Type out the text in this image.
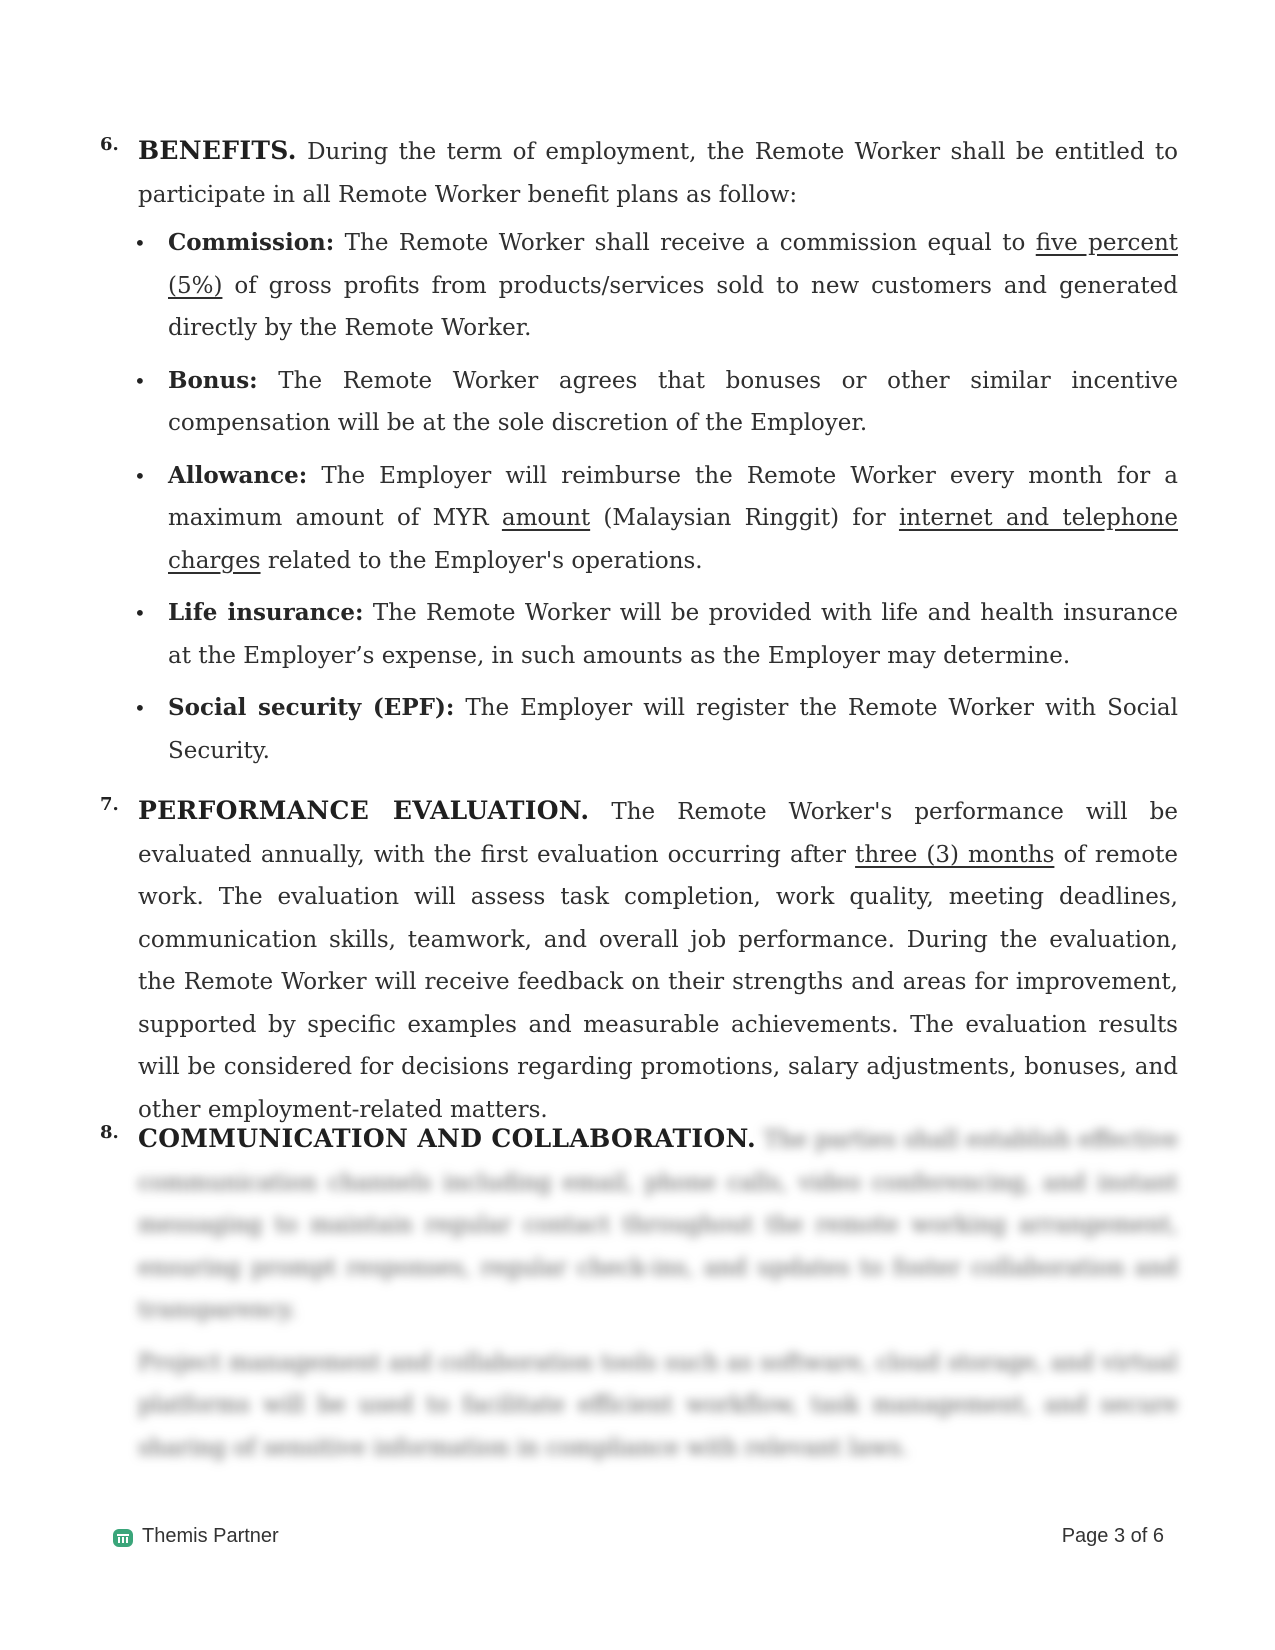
6. BENEFITS. During the term of employment, the Remote Worker shall be entitled to participate in all Remote Worker benefit plans as follow:
• Commission: The Remote Worker shall receive a commission equal to five percent (5%) of gross profits from products/services sold to new customers and generated directly by the Remote Worker.
• Bonus: The Remote Worker agrees that bonuses or other similar incentive compensation will be at the sole discretion of the Employer.
• Allowance: The Employer will reimburse the Remote Worker every month for a maximum amount of MYR amount (Malaysian Ringgit) for internet and telephone charges related to the Employer's operations.
• Life insurance: The Remote Worker will be provided with life and health insurance at the Employer’s expense, in such amounts as the Employer may determine.
• Social security (EPF): The Employer will register the Remote Worker with Social Security.
7. PERFORMANCE EVALUATION. The Remote Worker's performance will be evaluated annually, with the first evaluation occurring after three (3) months of remote work. The evaluation will assess task completion, work quality, meeting deadlines, communication skills, teamwork, and overall job performance. During the evaluation, the Remote Worker will receive feedback on their strengths and areas for improvement, supported by specific examples and measurable achievements. The evaluation results will be considered for decisions regarding promotions, salary adjustments, bonuses, and other employment-related matters.
8. COMMUNICATION AND COLLABORATION. The parties shall establish effective communication channels including email, phone calls, video conferencing, and instant messaging to maintain regular contact throughout the remote working arrangement, ensuring prompt responses, regular check-ins, and updates to foster collaboration and transparency.
Project management and collaboration tools such as software, cloud storage, and virtual platforms will be used to facilitate efficient workflow, task management, and secure sharing of sensitive information in compliance with relevant laws.
Themis Partner	Page 3 of 6
